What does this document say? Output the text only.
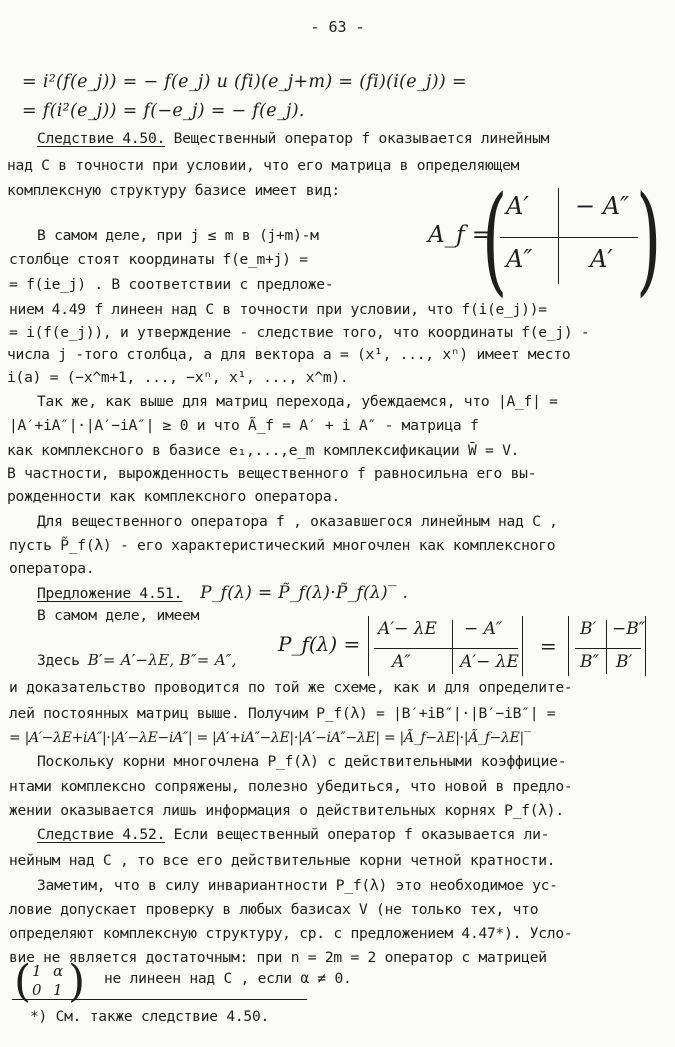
- 63 -
= i²(f(e_j)) = − f(e_j) и (fi)(e_j+m) = (fi)(i(e_j)) =
= f(i²(e_j)) = f(−e_j) = − f(e_j).
Следствие 4.50. Вещественный оператор f оказывается линейным
над C в точности при условии, что его матрица в определяющем
комплексную структуру базисе имеет вид:
В самом деле, при j ≤ m в (j+m)-м
столбце стоят координаты f(e_m+j) =
= f(ie_j) . В соответствии с предложе-
A_f =
(
A′ − A″
A″ A′ )
нием 4.49 f линеен над C в точности при условии, что f(i(e_j))=
= i(f(e_j)), и утверждение - следствие того, что координаты f(e_j) -
числа j -того столбца, а для вектора a = (x¹, ..., xⁿ) имеет место
i(a) = (−x^m+1, ..., −xⁿ, x¹, ..., x^m).
Так же, как выше для матриц перехода, убеждаемся, что |A_f| =
|A′+iA″|·|A′−iA″| ≥ 0 и что Ã_f = A′ + i A″ - матрица f
как комплексного в базисе e₁,...,e_m комплексификации W̄ = V.
В частности, вырожденность вещественного f равносильна его вы-
рожденности как комплексного оператора.
Для вещественного оператора f , оказавшегося линейным над C ,
пусть P̃_f(λ) - его характеристический многочлен как комплексного
оператора.
Предложение 4.51. P_f(λ) = P̃_f(λ)·P̃_f(λ)‾ .
В самом деле, имеем
P_f(λ) =
A′− λE − A″
A″	A′− λE
=
B′ −B″
B″ B′
Здесь B′= A′−λE, B″= A″,
и доказательство проводится по той же схеме, как и для определите-
лей постоянных матриц выше. Получим P_f(λ) = |B′+iB″|·|B′−iB″| =
= |A′−λE+iA″|·|A′−λE−iA″| = |A′+iA″−λE|·|A′−iA″−λE| = |Ã_f−λE|·|Ã_f−λE|‾
Поскольку корни многочлена P_f(λ) с действительными коэффицие-
нтами комплексно сопряжены, полезно убедиться, что новой в предло-
жении оказывается лишь информация о действительных корнях P_f(λ).
Следствие 4.52. Если вещественный оператор f оказывается ли-
нейным над C , то все его действительные корни четной кратности.
Заметим, что в силу инвариантности P_f(λ) это необходимое ус-
ловие допускает проверку в любых базисах V (не только тех, что
определяют комплексную структуру, ср. с предложением 4.47*). Усло-
вие не является достаточным: при n = 2m = 2 оператор с матрицей
( 1 α
0 1 ) не линеен над C , если α ≠ 0.
*) См. также следствие 4.50.
